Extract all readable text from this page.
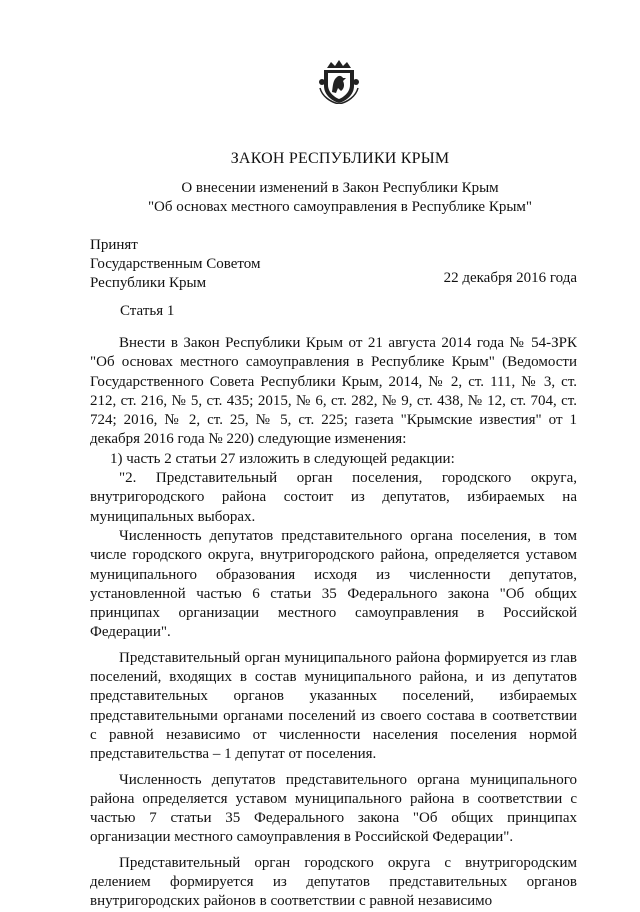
ЗАКОН РЕСПУБЛИКИ КРЫМ
О внесении изменений в Закон Республики Крым
"Об основах местного самоуправления в Республике Крым"
Принят
Государственным Советом
Республики Крым	22 декабря 2016 года
Статья 1

Внести в Закон Республики Крым от 21 августа 2014 года № 54-ЗРК "Об основах местного самоуправления в Республике Крым" (Ведомости Государственного Совета Республики Крым, 2014, № 2, ст. 111, № 3, ст. 212, ст. 216, № 5, ст. 435; 2015, № 6, ст. 282, № 9, ст. 438, № 12, ст. 704, ст. 724; 2016, № 2, ст. 25, № 5, ст. 225; газета "Крымские известия" от 1 декабря 2016 года № 220) следующие изменения:

1) часть 2 статьи 27 изложить в следующей редакции:

"2. Представительный орган поселения, городского округа, внутригородского района состоит из депутатов, избираемых на муниципальных выборах.

Численность депутатов представительного органа поселения, в том числе городского округа, внутригородского района, определяется уставом муниципального образования исходя из численности депутатов, установленной частью 6 статьи 35 Федерального закона "Об общих принципах организации местного самоуправления в Российской Федерации".

Представительный орган муниципального района формируется из глав поселений, входящих в состав муниципального района, и из депутатов представительных органов указанных поселений, избираемых представительными органами поселений из своего состава в соответствии с равной независимо от численности населения поселения нормой представительства – 1 депутат от поселения.

Численность депутатов представительного органа муниципального района определяется уставом муниципального района в соответствии с частью 7 статьи 35 Федерального закона "Об общих принципах организации местного самоуправления в Российской Федерации".

Представительный орган городского округа с внутригородским делением формируется из депутатов представительных органов внутригородских районов в соответствии с равной независимо
